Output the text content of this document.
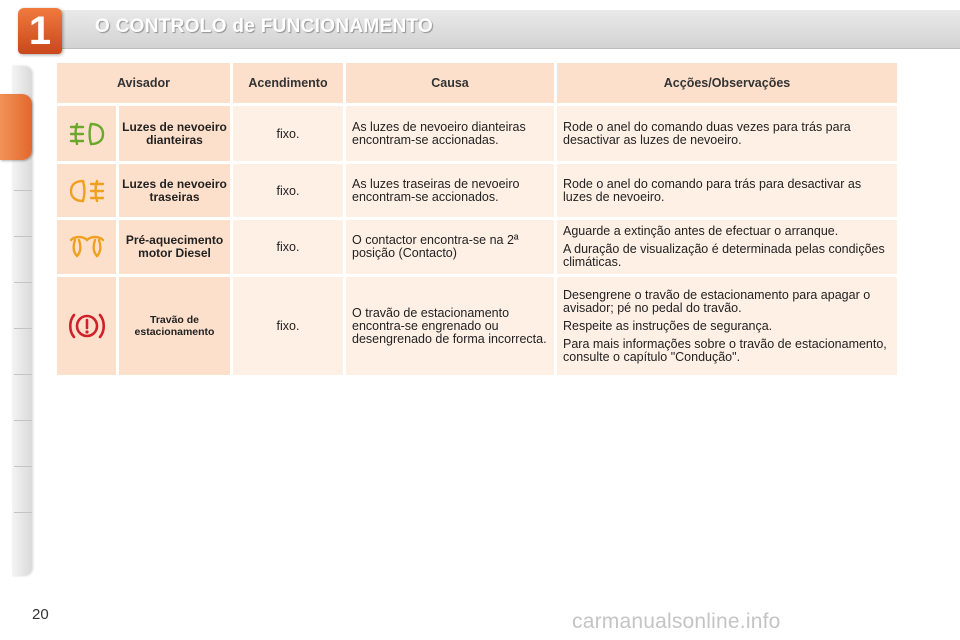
1	O CONTROLO de FUNCIONAMENTO
Avisador		Acendimento	Causa	Acções/Observações
	Luzes de nevoeiro dianteiras	fixo.	As luzes de nevoeiro dianteiras encontram-se accionadas.	Rode o anel do comando duas vezes para trás para desactivar as luzes de nevoeiro.

	Luzes de nevoeiro traseiras	fixo.	As luzes traseiras de nevoeiro encontram-se accionados.	Rode o anel do comando para trás para desactivar as luzes de nevoeiro.

	Pré-aquecimento motor Diesel	fixo.	O contactor encontra-se na 2ª posição (Contacto)	Aguarde a extinção antes de efectuar o arranque.

A duração de visualização é determinada pelas condições climáticas.

	Travão de estacionamento	fixo.	O travão de estacionamento encontra-se engrenado ou desengrenado de forma incorrecta.	Desengrene o travão de estacionamento para apagar o avisador; pé no pedal do travão.

Respeite as instruções de segurança.

Para mais informações sobre o travão de estacionamento, consulte o capítulo "Condução".

20	carmanualsonline.info
